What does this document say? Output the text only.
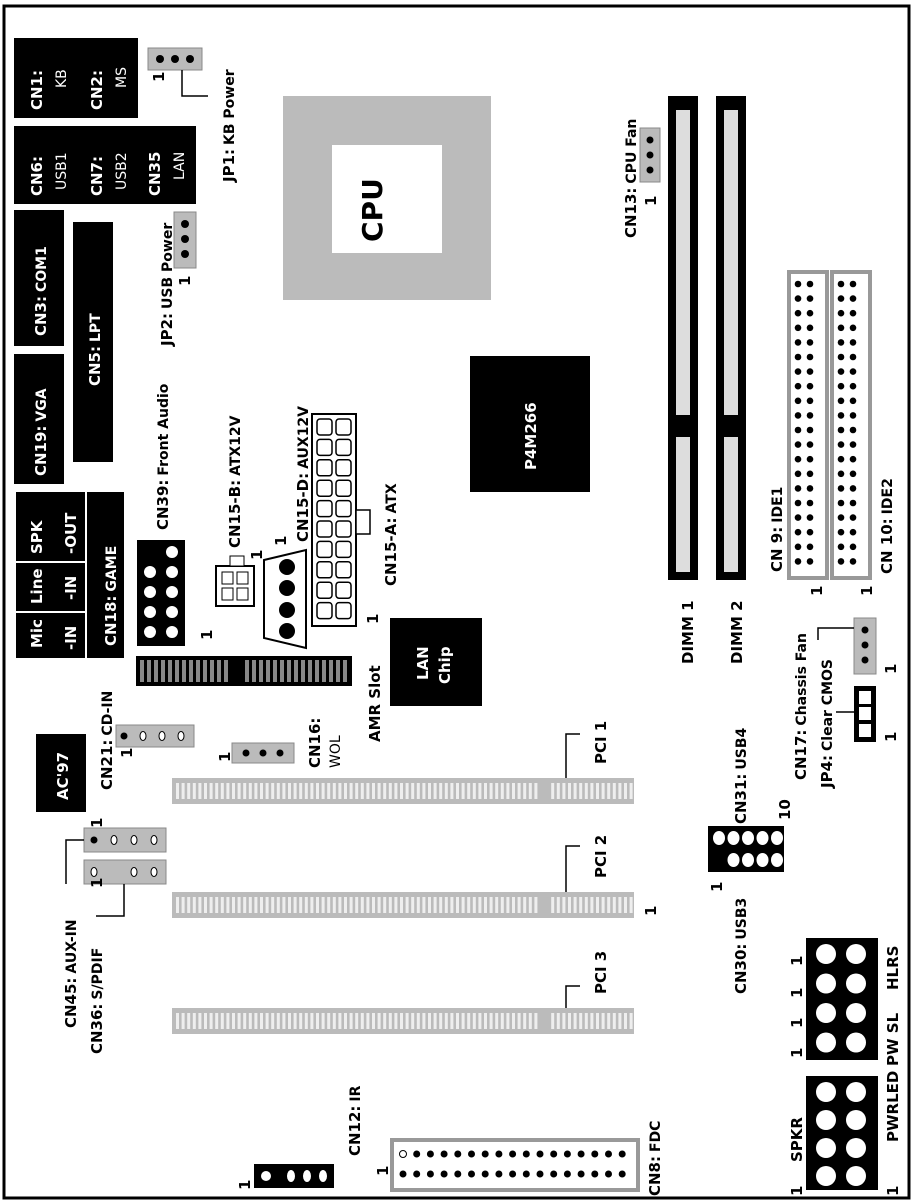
CN1: KB CN2: MS
CN6: USB1 CN7: USB2 CN35 LAN
CN3:COM1
CN5:LPT
CN19:VGA
SPK -OUT
Line -IN
Mic -IN CN18:GAME
1
JP1:KB Power
1
JP2:USB Power
CPU	1
CN13:CPU Fan
DIMM 1 DIMM 2
CN 9:IDE1
1
CN 10:IDE2
1
P4M266
CN39:Front Audio
1
CN15-B:ATX12V
1
CN15-D:AUX12V
1	CN15-A:ATX
1
AMR Slot
LAN Chip	1
CN17:Chassis Fan
1
JP4:Clear CMOS
AC'97	1
CN21:CD-IN
1	CN16: WOL	PCI 1
PCI 2
1
PCI 3
1
CN45:AUX-IN
1
CN36:S/PDIF
CN31:USB4
10
1
CN30:USB3
HLRS
PW SL
PWRLED
1
SPKR
1
1
1
1
1
1
CN12:IR
1	CN8:FDC
